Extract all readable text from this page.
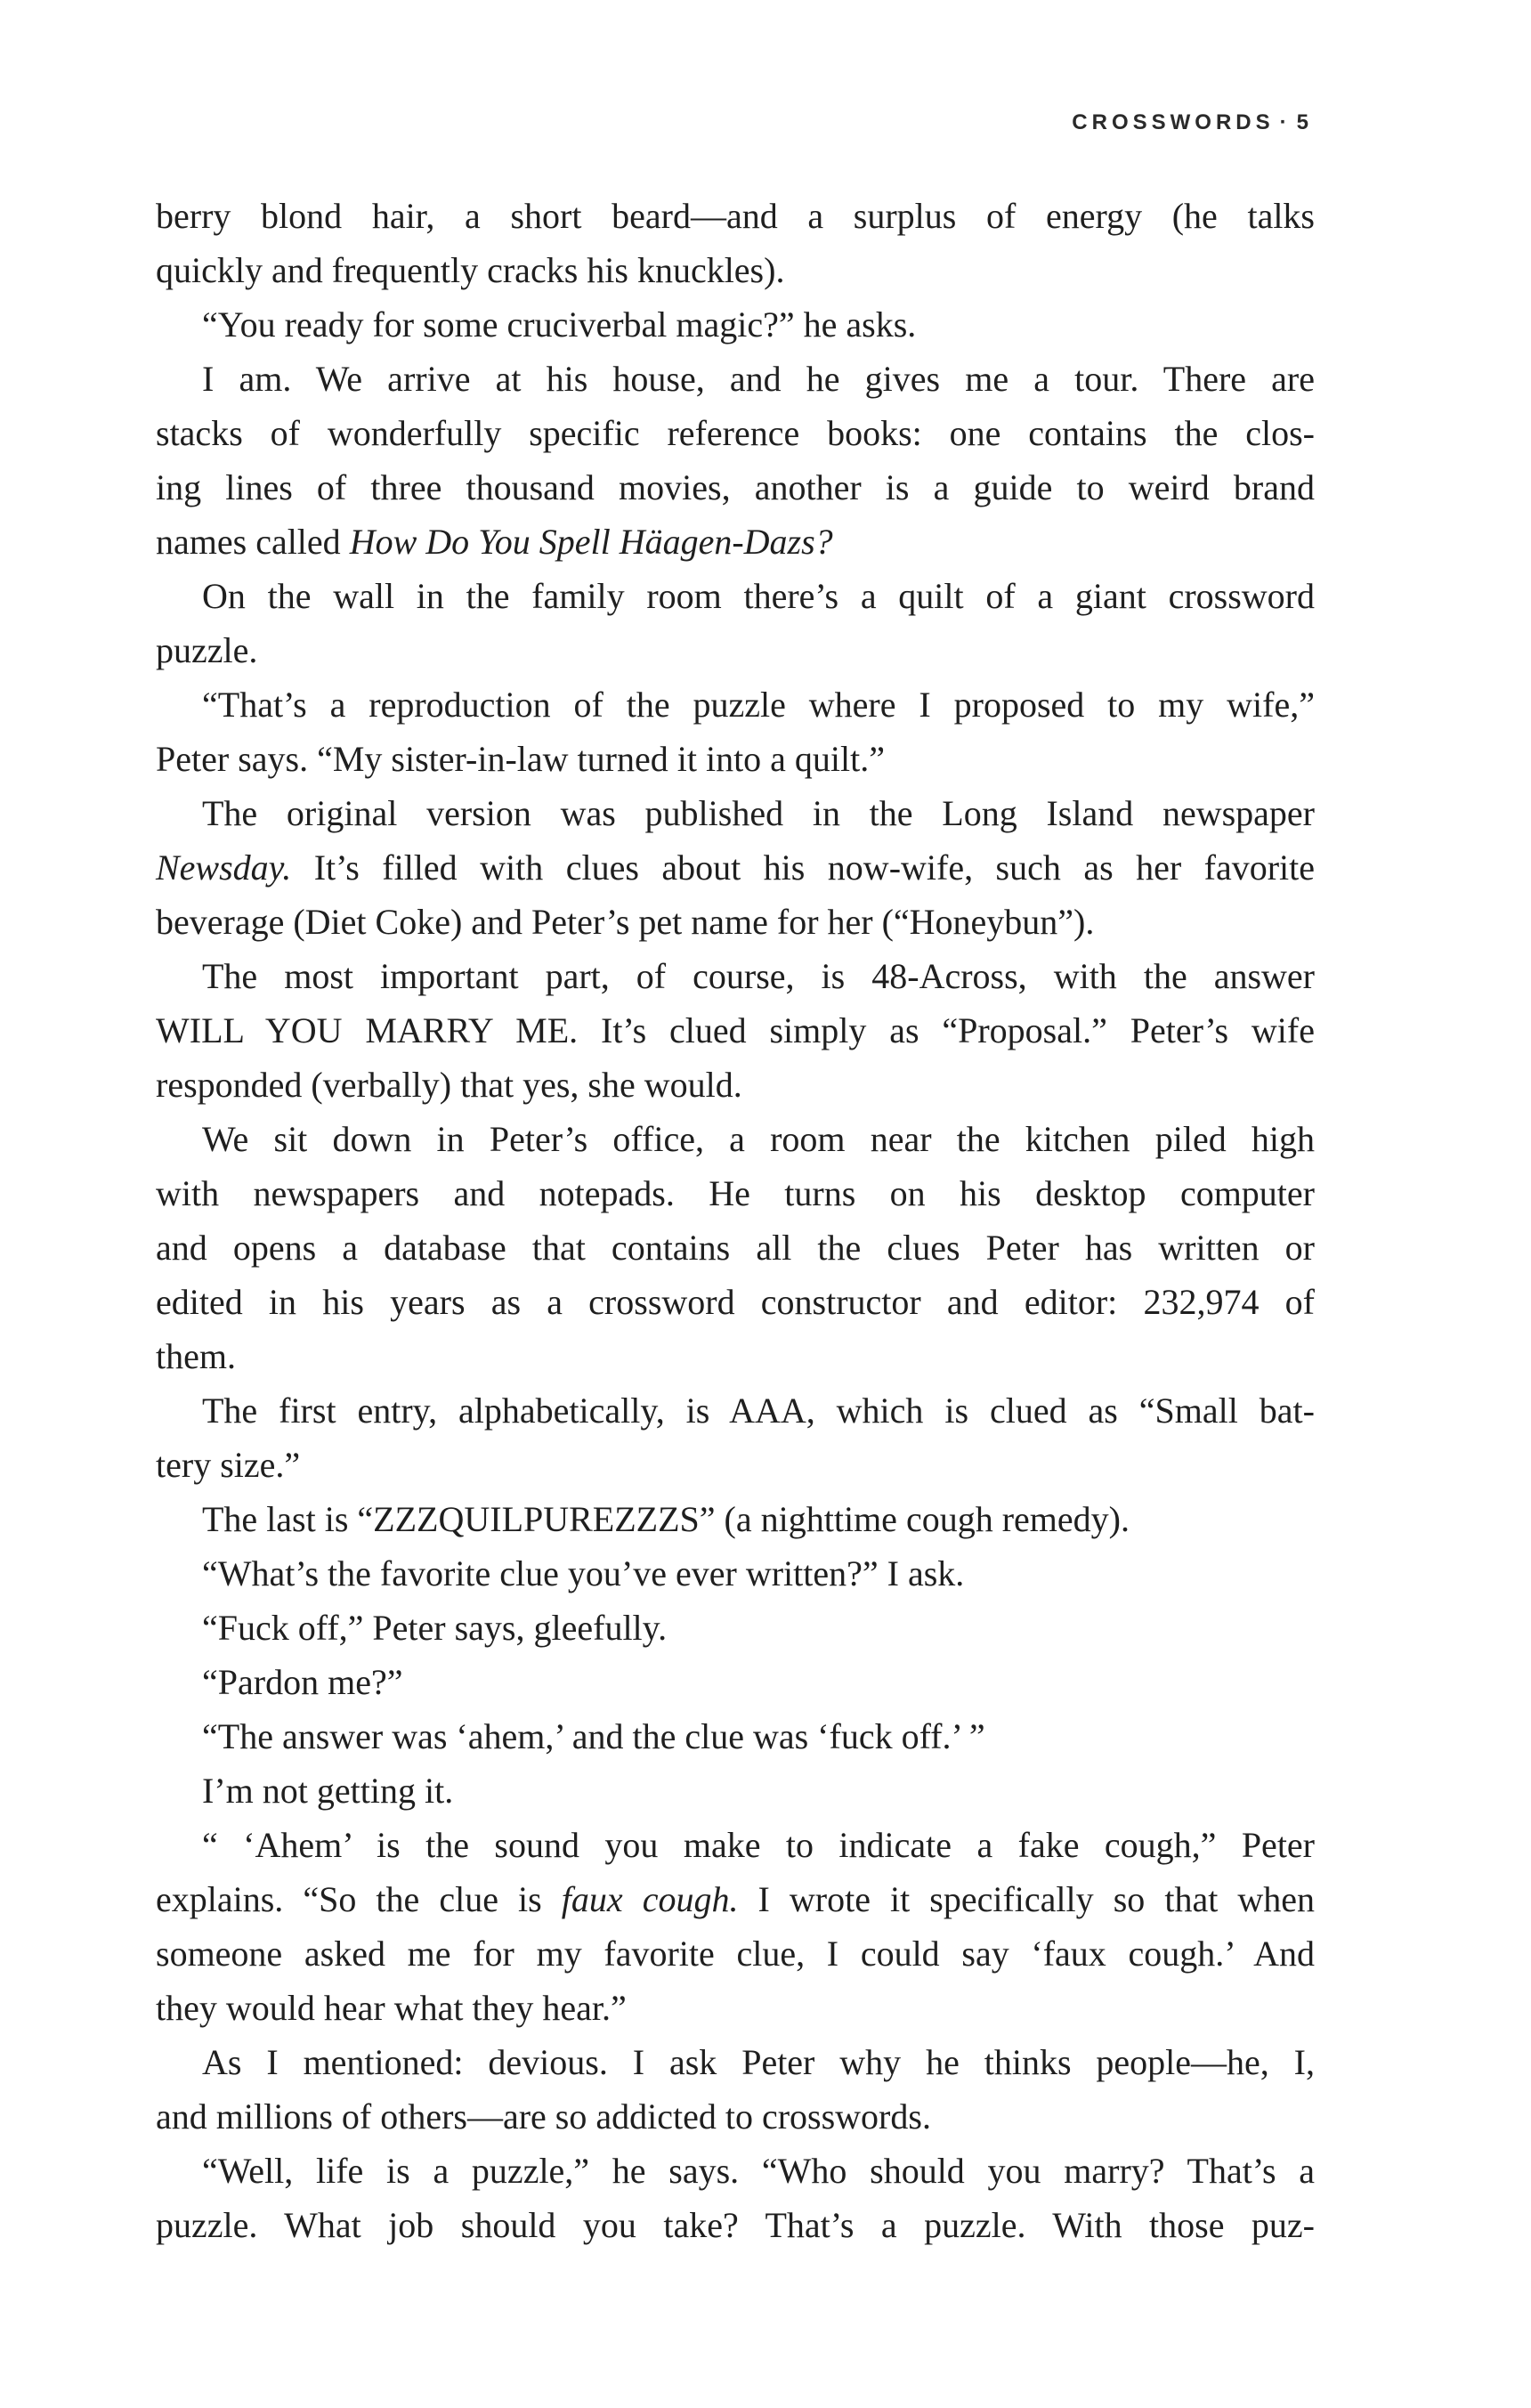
CROSSWORDS · 5
berry blond hair, a short beard—and a surplus of energy (he talks
quickly and frequently cracks his knuckles).
“You ready for some cruciverbal magic?” he asks.
I am. We arrive at his house, and he gives me a tour. There are
stacks of wonderfully specific reference books: one contains the clos-
ing lines of three thousand movies, another is a guide to weird brand
names called How Do You Spell Häagen-Dazs?
On the wall in the family room there’s a quilt of a giant crossword
puzzle.
“That’s a reproduction of the puzzle where I proposed to my wife,”
Peter says. “My sister-in-law turned it into a quilt.”
The original version was published in the Long Island newspaper
Newsday. It’s filled with clues about his now-wife, such as her favorite
beverage (Diet Coke) and Peter’s pet name for her (“Honeybun”).
The most important part, of course, is 48-Across, with the answer
WILL YOU MARRY ME. It’s clued simply as “Proposal.” Peter’s wife
responded (verbally) that yes, she would.
We sit down in Peter’s office, a room near the kitchen piled high
with newspapers and notepads. He turns on his desktop computer
and opens a database that contains all the clues Peter has written or
edited in his years as a crossword constructor and editor: 232,974 of
them.
The first entry, alphabetically, is AAA, which is clued as “Small bat-
tery size.”
The last is “ZZZQUILPUREZZZS” (a nighttime cough remedy).
“What’s the favorite clue you’ve ever written?” I ask.
“Fuck off,” Peter says, gleefully.
“Pardon me?”
“The answer was ‘ahem,’ and the clue was ‘fuck off.’ ”
I’m not getting it.
“ ‘Ahem’ is the sound you make to indicate a fake cough,” Peter
explains. “So the clue is faux cough. I wrote it specifically so that when
someone asked me for my favorite clue, I could say ‘faux cough.’ And
they would hear what they hear.”
As I mentioned: devious. I ask Peter why he thinks people—he, I,
and millions of others—are so addicted to crosswords.
“Well, life is a puzzle,” he says. “Who should you marry? That’s a
puzzle. What job should you take? That’s a puzzle. With those puz-
